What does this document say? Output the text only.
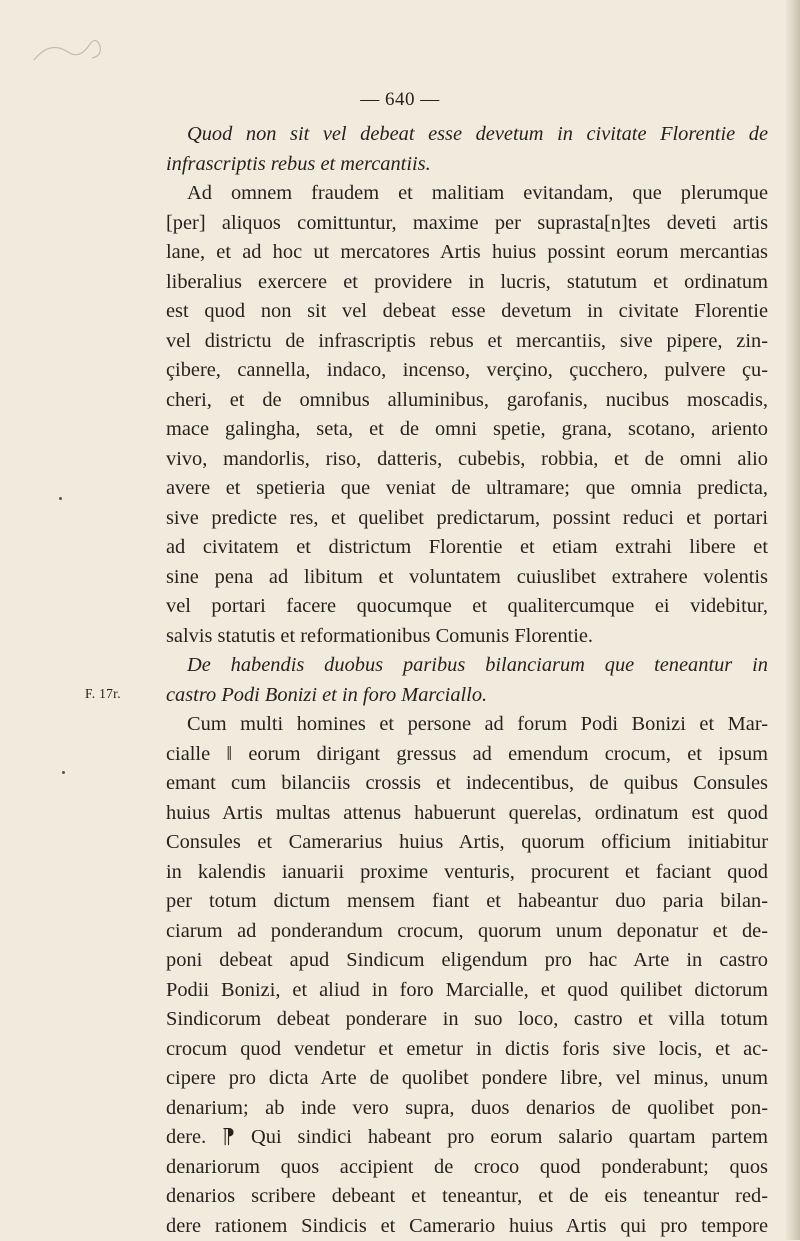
— 640 —
F. 17r.
Quod non sit vel debeat esse devetum in civitate Florentie de
infrascriptis rebus et mercantiis.
Ad omnem fraudem et malitiam evitandam, que plerumque
[per] aliquos comittuntur, maxime per suprasta[n]tes deveti artis
lane, et ad hoc ut mercatores Artis huius possint eorum mercantias
liberalius exercere et providere in lucris, statutum et ordinatum
est quod non sit vel debeat esse devetum in civitate Florentie
vel districtu de infrascriptis rebus et mercantiis, sive pipere, zin-
çibere, cannella, indaco, incenso, verçino, çucchero, pulvere çu-
cheri, et de omnibus alluminibus, garofanis, nucibus moscadis,
mace galingha, seta, et de omni spetie, grana, scotano, ariento
vivo, mandorlis, riso, datteris, cubebis, robbia, et de omni alio
avere et spetieria que veniat de ultramare; que omnia predicta,
sive predicte res, et quelibet predictarum, possint reduci et portari
ad civitatem et districtum Florentie et etiam extrahi libere et
sine pena ad libitum et voluntatem cuiuslibet extrahere volentis
vel portari facere quocumque et qualitercumque ei videbitur,
salvis statutis et reformationibus Comunis Florentie.
De habendis duobus paribus bilanciarum que teneantur in
castro Podi Bonizi et in foro Marciallo.
Cum multi homines et persone ad forum Podi Bonizi et Mar-
cialle ‖ eorum dirigant gressus ad emendum crocum, et ipsum
emant cum bilanciis crossis et indecentibus, de quibus Consules
huius Artis multas attenus habuerunt querelas, ordinatum est quod
Consules et Camerarius huius Artis, quorum officium initiabitur
in kalendis ianuarii proxime venturis, procurent et faciant quod
per totum dictum mensem fiant et habeantur duo paria bilan-
ciarum ad ponderandum crocum, quorum unum deponatur et de-
poni debeat apud Sindicum eligendum pro hac Arte in castro
Podii Bonizi, et aliud in foro Marcialle, et quod quilibet dictorum
Sindicorum debeat ponderare in suo loco, castro et villa totum
crocum quod vendetur et emetur in dictis foris sive locis, et ac-
cipere pro dicta Arte de quolibet pondere libre, vel minus, unum
denarium; ab inde vero supra, duos denarios de quolibet pon-
dere. ⁋ Qui sindici habeant pro eorum salario quartam partem
denariorum quos accipient de croco quod ponderabunt; quos
denarios scribere debeant et teneantur, et de eis teneantur red-
dere rationem Sindicis et Camerario huius Artis qui pro tempore
